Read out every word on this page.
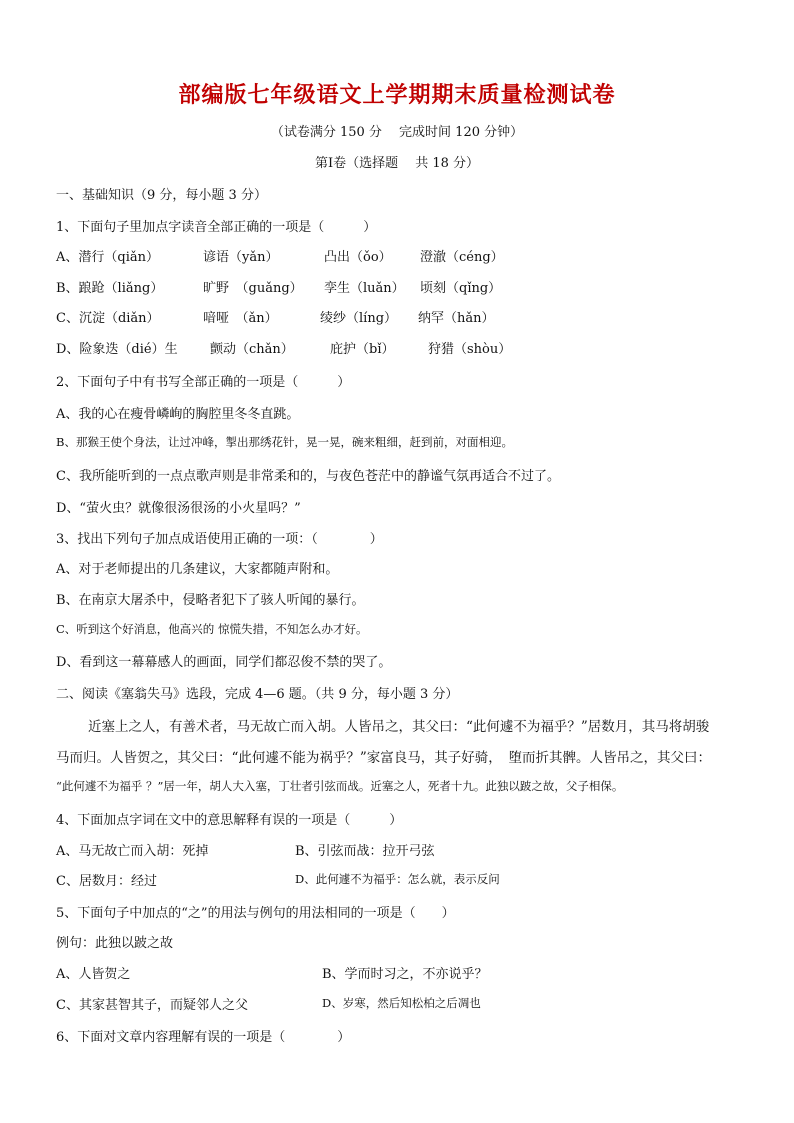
部编版七年级语文上学期期末质量检测试卷
（试卷满分 150 分　 完成时间 120 分钟）
第Ⅰ卷（选择题　 共 18 分）
一、基础知识（9 分，每小题 3 分）
1、下面句子里加点字读音全部正确的一项是（　　　）
A、潜行（qiǎn）	谚语（yǎn）	凸出（ǒo） 澄澈（céng）
B、踉跄（liǎng）	旷野　（guǎng） 孪生（luǎn） 顷刻（qǐng）
C、沉淀（diǎn）	喑哑　（ǎn）	绫纱（líng） 纳罕（hǎn）
D、险象迭（dié）生 颤动（chǎn）	庇护（bǐ）	狩猎（shòu）
2、下面句子中有书写全部正确的一项是（　　　）
A、我的心在瘦骨嶙峋的胸腔里冬冬直跳。
B、那猴王使个身法，让过冲峰，掣出那绣花针，晃一晃，碗来粗细，赶到前，对面相迎。
C、我所能听到的一点点歌声则是非常柔和的，与夜色苍茫中的静谧气氛再适合不过了。
D、“萤火虫？就像很汤很汤的小火星吗？”
3、找出下列句子加点成语使用正确的一项：（　　　　）
A、对于老师提出的几条建议，大家都随声附和。
B、在南京大屠杀中，侵略者犯下了骇人听闻的暴行。
C、听到这个好消息，他高兴的 惊慌失措，不知怎么办才好。
D、看到这一幕幕感人的画面，同学们都忍俊不禁的哭了。
二、阅读《塞翁失马》选段，完成 4—6 题。（共 9 分，每小题 3 分）
近塞上之人，有善术者，马无故亡而入胡。人皆吊之，其父曰：“此何遽不为福乎？”居数月，其马将胡骏
马而归。人皆贺之，其父曰：“此何遽不能为祸乎？”家富良马，其子好骑，　堕而折其髀。人皆吊之，其父曰：
“此何遽不为福乎 ？”居一年，胡人大入塞，丁壮者引弦而战。近塞之人，死者十九。此独以跛之故，父子相保。
4、下面加点字词在文中的意思解释有误的一项是（　　　）
A、马无故亡而入胡：死掉	B、引弦而战：拉开弓弦
C、居数月：经过	D、此何遽不为福乎：怎么就，表示反问
5、下面句子中加点的“之”的用法与例句的用法相同的一项是（　　）
例句：此独以跛之故
A、人皆贺之	B、学而时习之，不亦说乎？
C、其家甚智其子，而疑邻人之父	D、岁寒，然后知松柏之后凋也
6、下面对文章内容理解有误的一项是（　　　　）
